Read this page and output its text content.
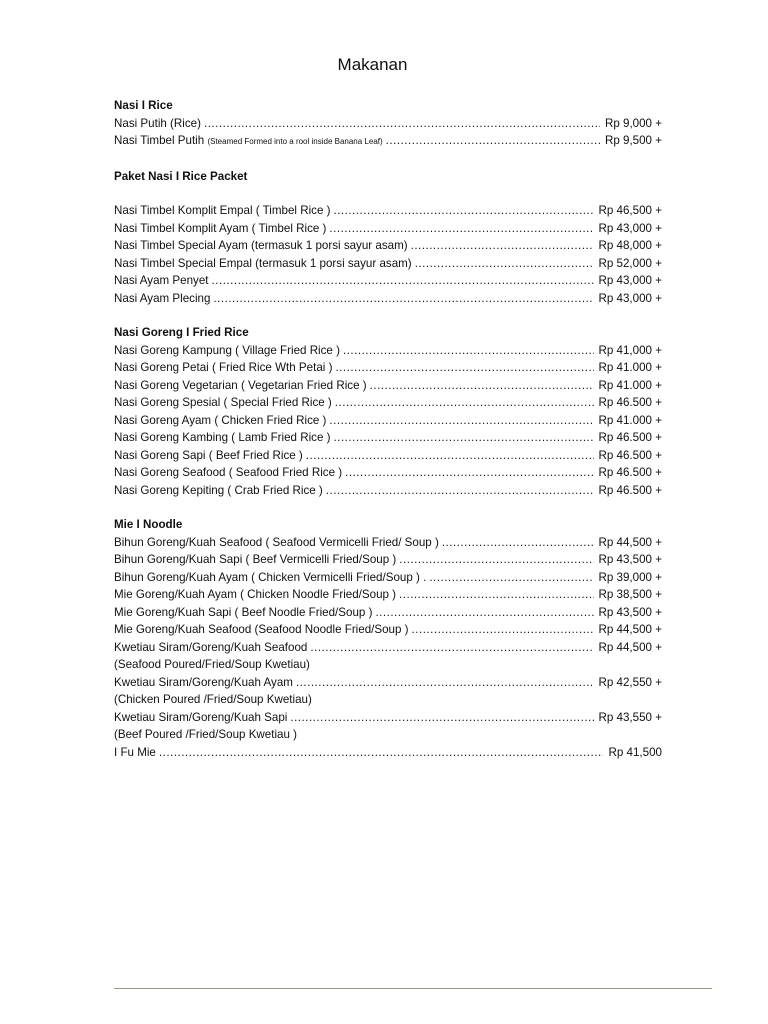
Makanan
Nasi I Rice
Nasi Putih (Rice) .....	Rp 9,000 +
Nasi Timbel Putih (Steamed Formed into a rool inside Banana Leaf) .....	Rp 9,500 +
Paket Nasi I Rice Packet
Nasi Timbel Komplit Empal ( Timbel Rice ) .....	Rp 46,500 +
Nasi Timbel Komplit Ayam ( Timbel Rice ) .....	Rp 43,000 +
Nasi Timbel Special Ayam (termasuk 1 porsi sayur asam) .....	Rp 48,000 +
Nasi Timbel Special Empal (termasuk 1 porsi sayur asam) .....	Rp 52,000 +
Nasi Ayam Penyet .....	Rp 43,000 +
Nasi Ayam Plecing .....	Rp 43,000 +
Nasi Goreng I Fried Rice
Nasi Goreng Kampung ( Village Fried Rice ) .....	Rp 41,000 +
Nasi Goreng Petai ( Fried Rice Wth Petai ) .....	Rp 41.000 +
Nasi Goreng Vegetarian ( Vegetarian Fried Rice ) .....	Rp 41.000 +
Nasi Goreng Spesial ( Special Fried Rice ) .....	Rp 46.500 +
Nasi Goreng Ayam ( Chicken Fried Rice ) .....	Rp 41.000 +
Nasi Goreng Kambing ( Lamb Fried Rice ) .....	Rp 46.500 +
Nasi Goreng Sapi ( Beef Fried Rice ) .....	Rp 46.500 +
Nasi Goreng Seafood ( Seafood Fried Rice ) .....	Rp 46.500 +
Nasi Goreng Kepiting ( Crab Fried Rice ) .....	Rp 46.500 +
Mie I Noodle
Bihun Goreng/Kuah Seafood ( Seafood Vermicelli Fried/ Soup ) .....	Rp 44,500 +
Bihun Goreng/Kuah Sapi ( Beef Vermicelli Fried/Soup ) .....	Rp 43,500 +
Bihun Goreng/Kuah Ayam ( Chicken Vermicelli Fried/Soup ) . .....	Rp 39,000 +
Mie Goreng/Kuah Ayam ( Chicken Noodle Fried/Soup ) .....	Rp 38,500 +
Mie Goreng/Kuah Sapi ( Beef Noodle Fried/Soup ) .....	Rp 43,500 +
Mie Goreng/Kuah Seafood (Seafood Noodle Fried/Soup ) .....	Rp 44,500 +
Kwetiau Siram/Goreng/Kuah Seafood .....	Rp 44,500 +
(Seafood Poured/Fried/Soup Kwetiau)
Kwetiau Siram/Goreng/Kuah Ayam .....	Rp 42,550 +
(Chicken Poured /Fried/Soup Kwetiau)
Kwetiau Siram/Goreng/Kuah Sapi .....	Rp 43,550 +
(Beef Poured /Fried/Soup Kwetiau )
I Fu Mie .....	Rp 41,500
